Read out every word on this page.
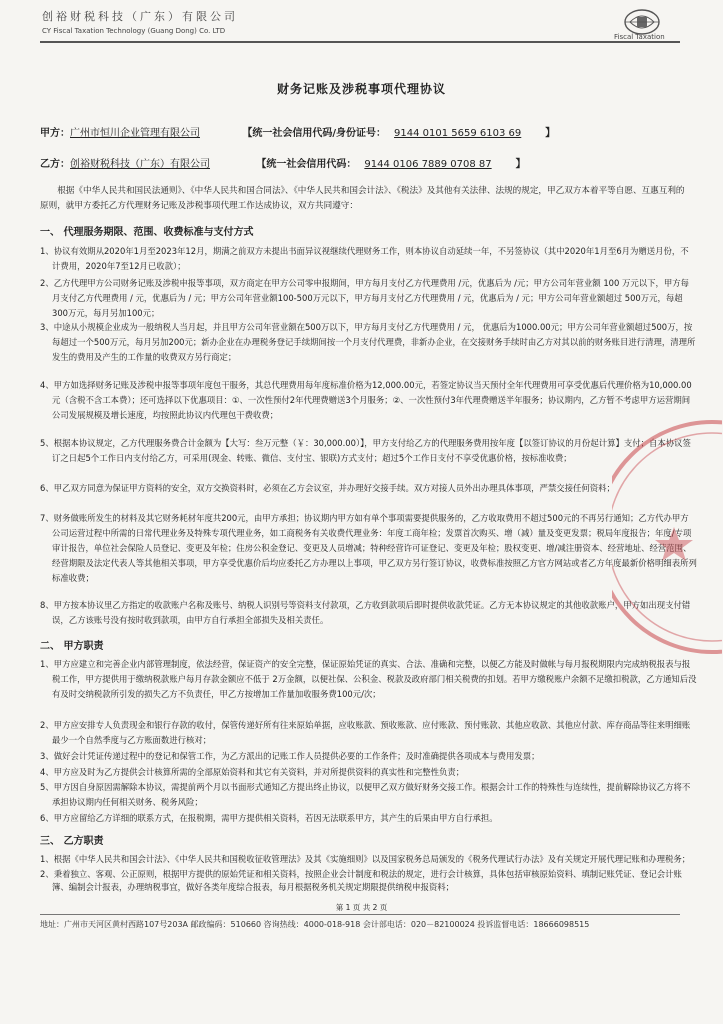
创裕财税科技（广东）有限公司
CY Fiscal Taxation Technology (Guang Dong) Co. LTD
Fiscal Taxation
财务记账及涉税事项代理协议
甲方：广州市恒川企业管理有限公司	【统一社会信用代码/身份证号： 9144 0101 5659 6103 69 】
乙方：创裕财税科技（广东）有限公司	【统一社会信用代码： 9144 0106 7889 0708 87 】
根据《中华人民共和国民法通则》、《中华人民共和国合同法》、《中华人民共和国会计法》、《税法》及其他有关法律、法规的规定，甲乙双方本着平等自愿、互惠互利的原则，就甲方委托乙方代理财务记账及涉税事项代理工作达成协议，双方共同遵守：
一、 代理服务期限、范围、收费标准与支付方式
1、协议有效期从2020年1月至2023年12月，期满之前双方未提出书面异议视继续代理财务工作，则本协议自动延续一年，不另签协议（其中2020年1月至6月为赠送月份，不计费用，2020年7至12月已收款）；
2、乙方代理甲方公司财务记账及涉税申报等事项，双方商定在甲方公司零申报期间，甲方每月支付乙方代理费用 /元，优惠后为 /元；甲方公司年营业额 100 万元以下，甲方每月支付乙方代理费用 / 元，优惠后为 / 元；甲方公司年营业额100-500万元以下，甲方每月支付乙方代理费用 / 元，优惠后为 / 元；甲方公司年营业额超过 500万元，每超300万元，每月另加100元；
3、中途从小规模企业成为一般纳税人当月起，并且甲方公司年营业额在500万以下，甲方每月支付乙方代理费用 / 元， 优惠后为1000.00元；甲方公司年营业额超过500万，按每超过一个500万元，每月另加200元；新办企业在办理税务登记手续期间按一个月支付代理费，非新办企业，在交接财务手续时由乙方对其以前的财务账目进行清理，清理所发生的费用及产生的工作量的收费双方另行商定；
4、甲方如选择财务记账及涉税申报等事项年度包干服务，其总代理费用每年度标准价格为12,000.00元，若签定协议当天预付全年代理费用可享受优惠后代理价格为10,000.00元（含税不含工本费）；还可选择以下优惠项目：①、一次性预付2年代理费赠送3个月服务；②、一次性预付3年代理费赠送半年服务；协议期内，乙方暂不考虑甲方运营期间公司发展规模及增长速度，均按照此协议内代理包干费收费；
5、根据本协议规定，乙方代理服务费合计金额为【大写：叁万元整（￥：30,000.00）】，甲方支付给乙方的代理服务费用按年度【以签订协议的月份起计算】支付；自本协议签订之日起5个工作日内支付给乙方，可采用(现金、转账、微信、支付宝、银联)方式支付；超过5个工作日支付不享受优惠价格，按标准收费；
6、甲乙双方同意为保证甲方资料的安全，双方交换资料时，必须在乙方会议室，并办理好交接手续。双方对接人员外出办理具体事项，严禁交接任何资料；
7、财务做账所发生的材料及其它财务耗材年度共200元，由甲方承担；协议期内甲方如有单个事项需要提供服务的，乙方收取费用不超过500元的不再另行通知；乙方代办甲方公司运营过程中所需的日常代理业务及特殊专项代理业务，如工商税务有关收费代理业务：年度工商年检；发票首次购买、增（减）量及变更发票；税局年度报告；年度/专项审计报告，单位社会保险人员登记、变更及年检；住房公积金登记、变更及人员增减；特种经营许可证登记、变更及年检；股权变更、增/减注册资本、经营地址、经营范围、经营期限及法定代表人等其他相关事项，甲方享受优惠价后均应委托乙方办理以上事项，甲乙双方另行签订协议，收费标准按照乙方官方网站或者乙方年度最新价格明细表所列标准收费；
8、甲方按本协议里乙方指定的收款账户名称及账号、纳税人识别号等资料支付款项，乙方收到款项后即时提供收款凭证。乙方无本协议规定的其他收款账户，甲方如出现支付错误，乙方该账号没有按时收到款项，由甲方自行承担全部损失及相关责任。
二、 甲方职责
1、甲方应建立和完善企业内部管理制度，依法经营，保证资产的安全完整，保证原始凭证的真实、合法、准确和完整，以便乙方能及时做帐与每月报税期限内完成纳税报表与报税工作，甲方提供用于缴纳税款账户每月存款金额应不低于 2万金额，以便社保、公积金、税款及政府部门相关税费的扣划。若甲方缴税账户余额不足缴扣税款，乙方通知后没有及时交纳税款所引发的损失乙方不负责任，甲乙方按增加工作量加收服务费100元/次；
2、甲方应安排专人负责现金和银行存款的收付，保管传递好所有往来原始单据，应收账款、预收账款、应付账款、预付账款、其他应收款、其他应付款、库存商品等往来明细账最少一个自然季度与乙方账面数进行核对；
3、做好会计凭证传递过程中的登记和保管工作，为乙方派出的记账工作人员提供必要的工作条件；及时准确提供各项成本与费用发票；
4、甲方应及时为乙方提供会计核算所需的全部原始资料和其它有关资料，并对所提供资料的真实性和完整性负责；
5、甲方因自身原因需解除本协议，需提前两个月以书面形式通知乙方提出终止协议，以便甲乙双方做好财务交接工作。根据会计工作的特殊性与连续性，提前解除协议乙方将不承担协议期内任何相关财务、税务风险；
6、甲方应留给乙方详细的联系方式，在报税期，需甲方提供相关资料，若因无法联系甲方，其产生的后果由甲方自行承担。
三、 乙方职责
1、根据《中华人民共和国会计法》、《中华人民共和国税收征收管理法》及其《实施细则》以及国家税务总局颁发的《税务代理试行办法》及有关规定开展代理记账和办理税务；
2、秉着独立、客观、公正原则，根据甲方提供的原始凭证和相关资料，按照企业会计制度和税法的规定，进行会计核算，具体包括审核原始资料、填制记账凭证、登记会计账簿、编制会计报表，办理纳税事宜，做好各类年度综合报表，每月根据税务机关规定期限提供纳税申报资料；
第 1 页 共 2 页
地址：广州市天河区黄村西路107号203A 邮政编码：510660 咨询热线：4000-018-918 会计部电话：020－82100024 投诉监督电话：18666098515
